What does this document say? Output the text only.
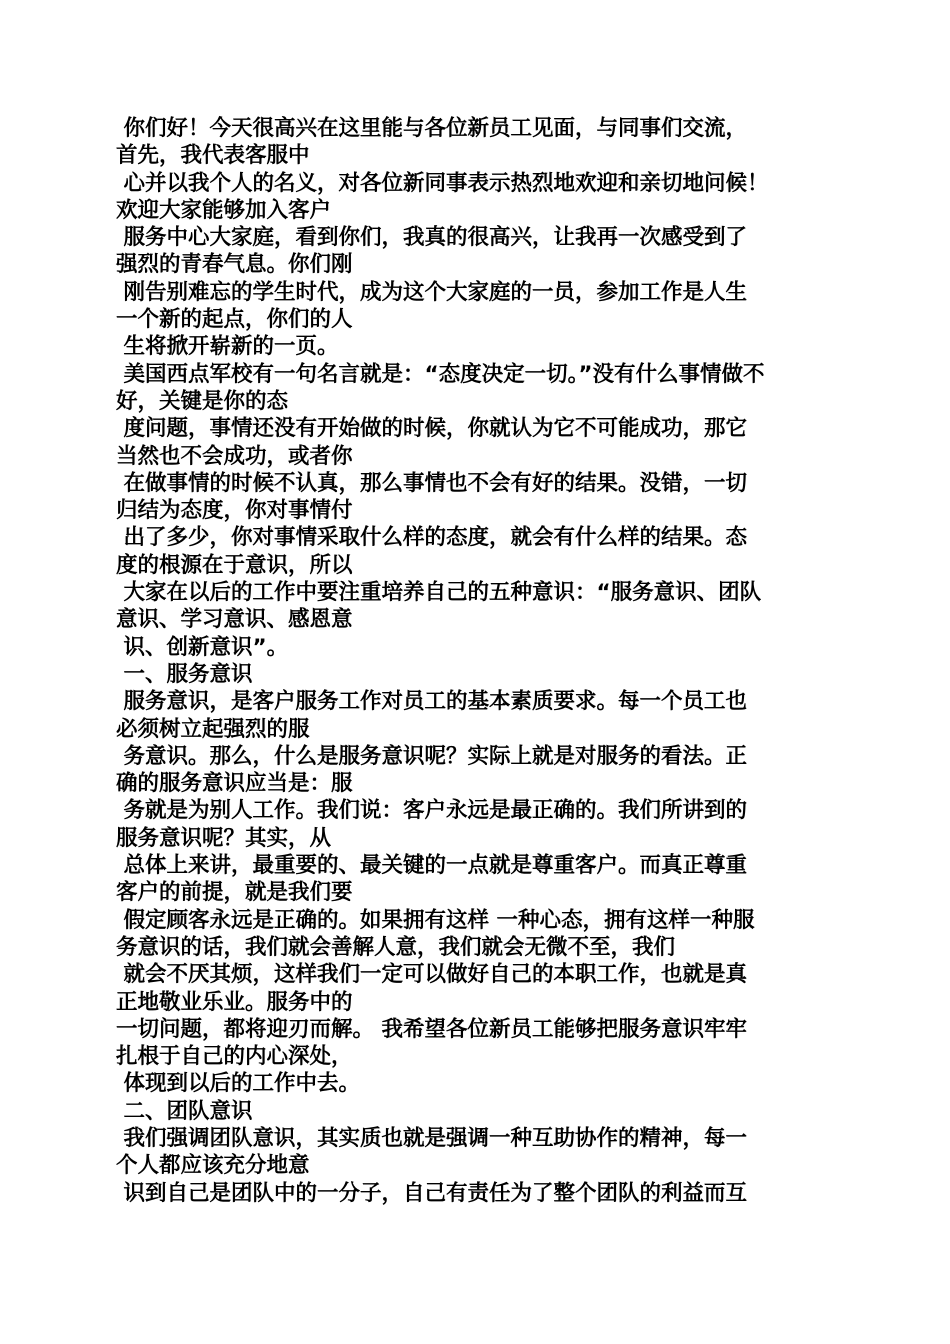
你们好！今天很高兴在这里能与各位新员工见面，与同事们交流，
首先，我代表客服中
心并以我个人的名义，对各位新同事表示热烈地欢迎和亲切地问候！
欢迎大家能够加入客户
服务中心大家庭，看到你们，我真的很高兴，让我再一次感受到了
强烈的青春气息。你们刚
刚告别难忘的学生时代，成为这个大家庭的一员，参加工作是人生
一个新的起点，你们的人
生将掀开崭新的一页。
美国西点军校有一句名言就是：“态度决定一切。”没有什么事情做不
好，关键是你的态
度问题，事情还没有开始做的时候，你就认为它不可能成功，那它
当然也不会成功，或者你
在做事情的时候不认真，那么事情也不会有好的结果。没错，一切
归结为态度，你对事情付
出了多少，你对事情采取什么样的态度，就会有什么样的结果。态
度的根源在于意识，所以
大家在以后的工作中要注重培养自己的五种意识：“服务意识、团队
意识、学习意识、感恩意
识、创新意识”。
一、服务意识
服务意识，是客户服务工作对员工的基本素质要求。每一个员工也
必须树立起强烈的服
务意识。那么，什么是服务意识呢？实际上就是对服务的看法。正
确的服务意识应当是：服
务就是为别人工作。我们说：客户永远是最正确的。我们所讲到的
服务意识呢？其实，从
总体上来讲，最重要的、最关键的一点就是尊重客户。而真正尊重
客户的前提，就是我们要
假定顾客永远是正确的。如果拥有这样 一种心态，拥有这样一种服
务意识的话，我们就会善解人意，我们就会无微不至，我们
就会不厌其烦，这样我们一定可以做好自己的本职工作，也就是真
正地敬业乐业。服务中的
一切问题，都将迎刃而解。 我希望各位新员工能够把服务意识牢牢
扎根于自己的内心深处，
体现到以后的工作中去。
二、团队意识
我们强调团队意识，其实质也就是强调一种互助协作的精神，每一
个人都应该充分地意
识到自己是团队中的一分子，自己有责任为了整个团队的利益而互
